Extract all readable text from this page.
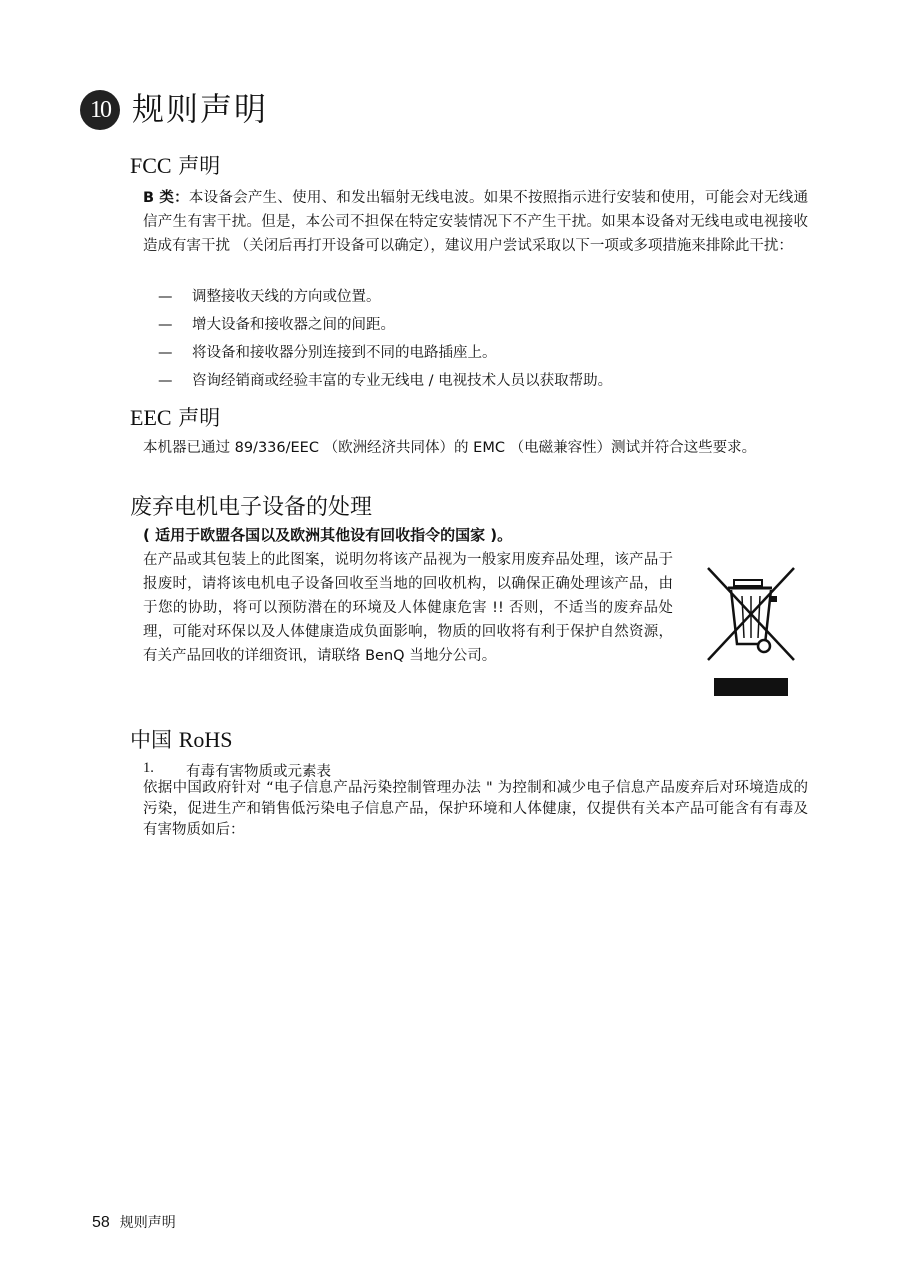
10 规则声明
FCC 声明

B 类：本设备会产生、使用、和发出辐射无线电波。如果不按照指示进行安装和使用，可能会对无线通信产生有害干扰。但是，本公司不担保在特定安装情况下不产生干扰。如果本设备对无线电或电视接收造成有害干扰 （关闭后再打开设备可以确定），建议用户尝试采取以下一项或多项措施来排除此干扰：

—	调整接收天线的方向或位置。
—	增大设备和接收器之间的间距。
—	将设备和接收器分别连接到不同的电路插座上。
—	咨询经销商或经验丰富的专业无线电 / 电视技术人员以获取帮助。
EEC 声明

本机器已通过 89/336/EEC （欧洲经济共同体）的 EMC （电磁兼容性）测试并符合这些要求。

废弃电机电子设备的处理

( 适用于欧盟各国以及欧洲其他设有回收指令的国家 )。

在产品或其包装上的此图案，说明勿将该产品视为一般家用废弃品处理，该产品于报废时，请将该电机电子设备回收至当地的回收机构，以确保正确处理该产品，由于您的协助，将可以预防潜在的环境及人体健康危害 !! 否则，不适当的废弃品处理，可能对环保以及人体健康造成负面影响，物质的回收将有利于保护自然资源，有关产品回收的详细资讯，请联络 BenQ 当地分公司。

中国 RoHS
1.	有毒有害物质或元素表

依据中国政府针对 “电子信息产品污染控制管理办法 " 为控制和减少电子信息产品废弃后对环境造成的污染，促进生产和销售低污染电子信息产品，保护环境和人体健康，仅提供有关本产品可能含有有毒及有害物质如后：

58 规则声明
